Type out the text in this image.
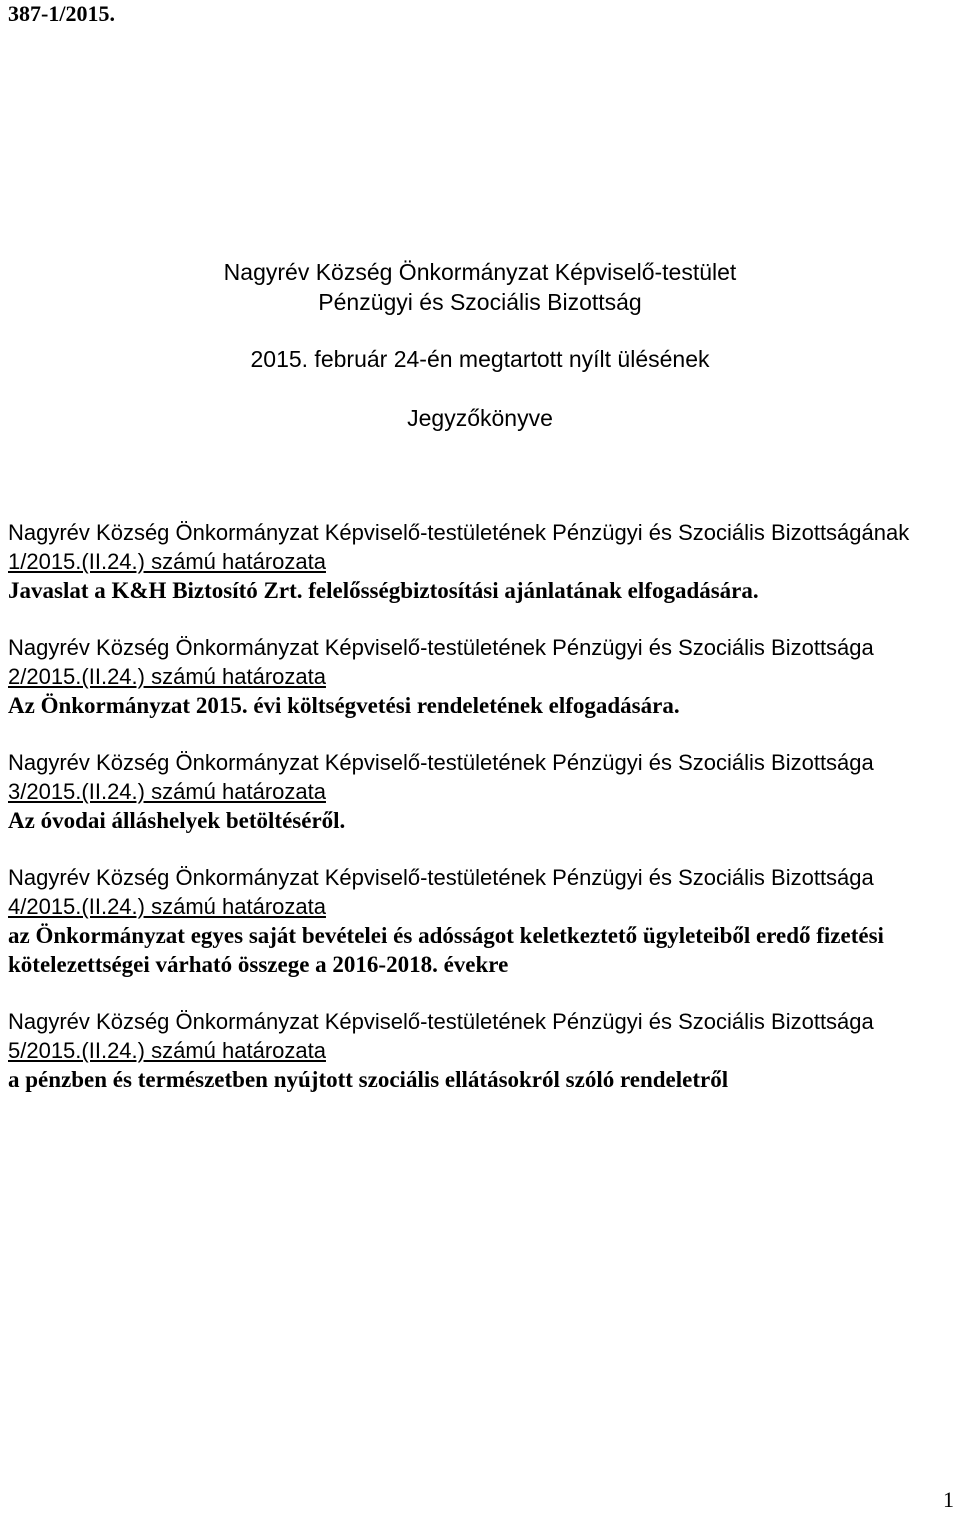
387-1/2015.
Nagyrév Község Önkormányzat Képviselő-testület
Pénzügyi és Szociális Bizottság
2015. február 24-én megtartott nyílt ülésének
Jegyzőkönyve
Nagyrév Község Önkormányzat Képviselő-testületének Pénzügyi és Szociális Bizottságának
1/2015.(II.24.) számú határozata
Javaslat a K&H Biztosító Zrt. felelősségbiztosítási ajánlatának elfogadására.
Nagyrév Község Önkormányzat Képviselő-testületének Pénzügyi és Szociális Bizottsága
2/2015.(II.24.) számú határozata
Az Önkormányzat 2015. évi költségvetési rendeletének elfogadására.
Nagyrév Község Önkormányzat Képviselő-testületének Pénzügyi és Szociális Bizottsága
3/2015.(II.24.) számú határozata
Az óvodai álláshelyek betöltéséről.
Nagyrév Község Önkormányzat Képviselő-testületének Pénzügyi és Szociális Bizottsága
4/2015.(II.24.) számú határozata
az Önkormányzat egyes saját bevételei és adósságot keletkeztető ügyleteiből eredő fizetési kötelezettségei várható összege a 2016-2018. évekre
Nagyrév Község Önkormányzat Képviselő-testületének Pénzügyi és Szociális Bizottsága
5/2015.(II.24.) számú határozata
a pénzben és természetben nyújtott szociális ellátásokról szóló rendeletről
1
